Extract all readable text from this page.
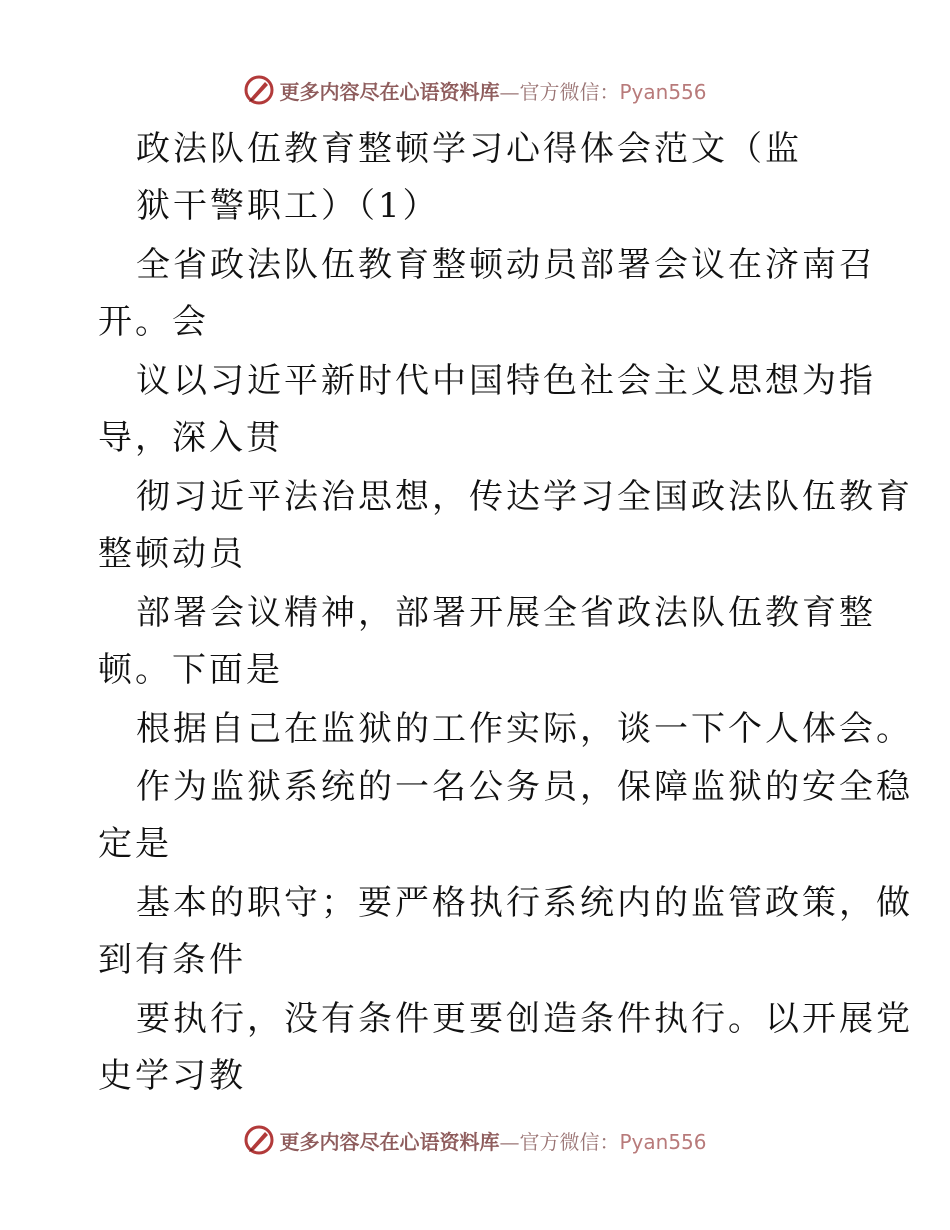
更多内容尽在心语资料库—官方微信：Pyan556
政法队伍教育整顿学习心得体会范文（监
狱干警职工）（1）
全省政法队伍教育整顿动员部署会议在济南召
开。会
议以习近平新时代中国特色社会主义思想为指
导，深入贯
彻习近平法治思想，传达学习全国政法队伍教育
整顿动员
部署会议精神，部署开展全省政法队伍教育整
顿。下面是
根据自己在监狱的工作实际，谈一下个人体会。
作为监狱系统的一名公务员，保障监狱的安全稳
定是
基本的职守；要严格执行系统内的监管政策，做
到有条件
要执行，没有条件更要创造条件执行。以开展党
史学习教
更多内容尽在心语资料库—官方微信：Pyan556
